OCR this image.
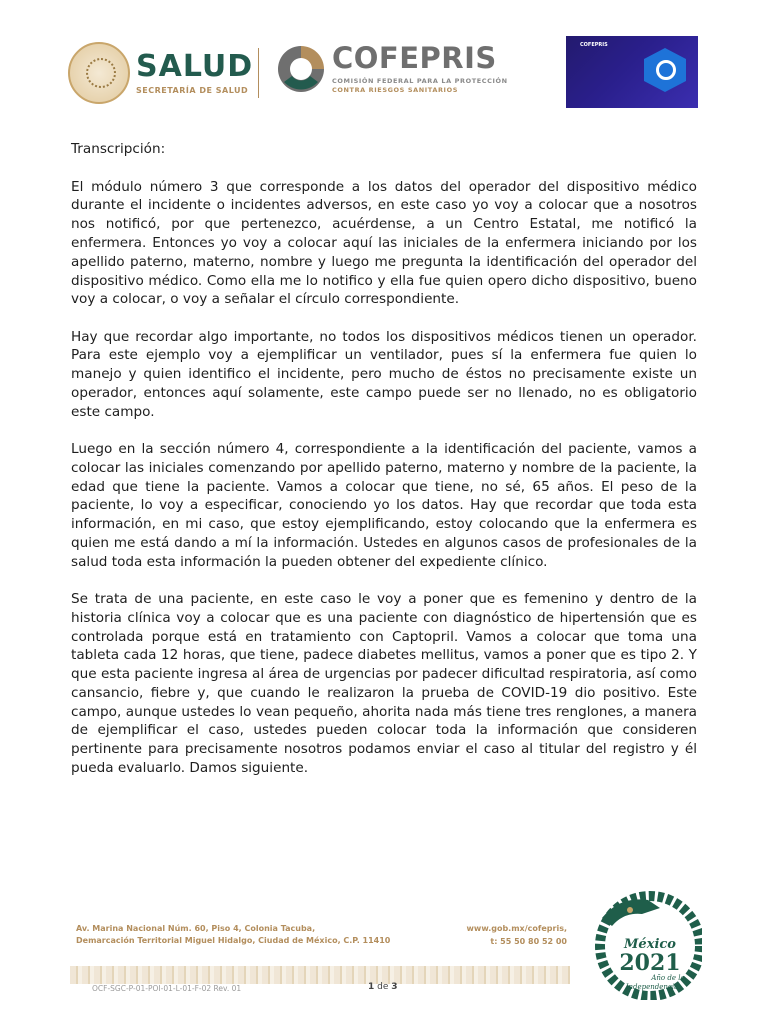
SALUD
SECRETARÍA DE SALUD
COFEPRIS
COMISIÓN FEDERAL PARA LA PROTECCIÓN
CONTRA RIESGOS SANITARIOS
COFEPRIS
Transcripción:

El módulo número 3 que corresponde a los datos del operador del dispositivo médico durante el incidente o incidentes adversos, en este caso yo voy a colocar que a nosotros nos notificó, por que pertenezco, acuérdense, a un Centro Estatal, me notificó la enfermera. Entonces yo voy a colocar aquí las iniciales de la enfermera iniciando por los apellido paterno, materno, nombre y luego me pregunta la identificación del operador del dispositivo médico. Como ella me lo notifico y ella fue quien opero dicho dispositivo, bueno voy a colocar, o voy a señalar el círculo correspondiente.

Hay que recordar algo importante, no todos los dispositivos médicos tienen un operador. Para este ejemplo voy a ejemplificar un ventilador, pues sí la enfermera fue quien lo manejo y quien identifico el incidente, pero mucho de éstos no precisamente existe un operador, entonces aquí solamente, este campo puede ser no llenado, no es obligatorio este campo.

Luego en la sección número 4, correspondiente a la identificación del paciente, vamos a colocar las iniciales comenzando por apellido paterno, materno y nombre de la paciente, la edad que tiene la paciente. Vamos a colocar que tiene, no sé, 65 años. El peso de la paciente, lo voy a especificar, conociendo yo los datos. Hay que recordar que toda esta información, en mi caso, que estoy ejemplificando, estoy colocando que la enfermera es quien me está dando a mí la información. Ustedes en algunos casos de profesionales de la salud toda esta información la pueden obtener del expediente clínico.

Se trata de una paciente, en este caso le voy a poner que es femenino y dentro de la historia clínica voy a colocar que es una paciente con diagnóstico de hipertensión que es controlada porque está en tratamiento con Captopril. Vamos a colocar que toma una tableta cada 12 horas, que tiene, padece diabetes mellitus, vamos a poner que es tipo 2. Y que esta paciente ingresa al área de urgencias por padecer dificultad respiratoria, así como cansancio, fiebre y, que cuando le realizaron la prueba de COVID-19 dio positivo. Este campo, aunque ustedes lo vean pequeño, ahorita nada más tiene tres renglones, a manera de ejemplificar el caso, ustedes pueden colocar toda la información que consideren pertinente para precisamente nosotros podamos enviar el caso al titular del registro y él pueda evaluarlo. Damos siguiente.

Av. Marina Nacional Núm. 60, Piso 4, Colonia Tacuba,
Demarcación Territorial Miguel Hidalgo, Ciudad de México, C.P. 11410
www.gob.mx/cofepris,
t: 55 50 80 52 00
OCF-SGC-P-01-POI-01-L-01-F-02 Rev. 01	1 de 3
México
2021
Año de la
Independencia
